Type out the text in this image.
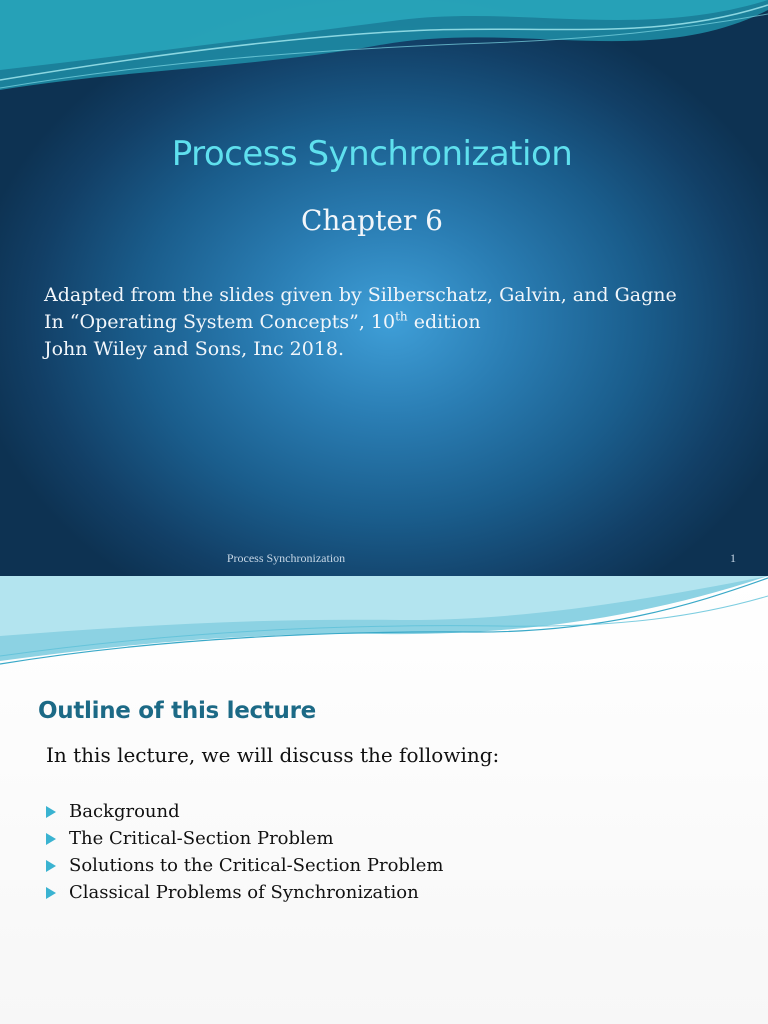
Process Synchronization
Chapter 6

Adapted from the slides given by Silberschatz, Galvin, and Gagne

In “Operating System Concepts”, 10th edition

John Wiley and Sons, Inc 2018.

Process Synchronization	1
Outline of this lecture
In this lecture, we will discuss the following:
Background
The Critical-Section Problem
Solutions to the Critical-Section Problem
Classical Problems of Synchronization
